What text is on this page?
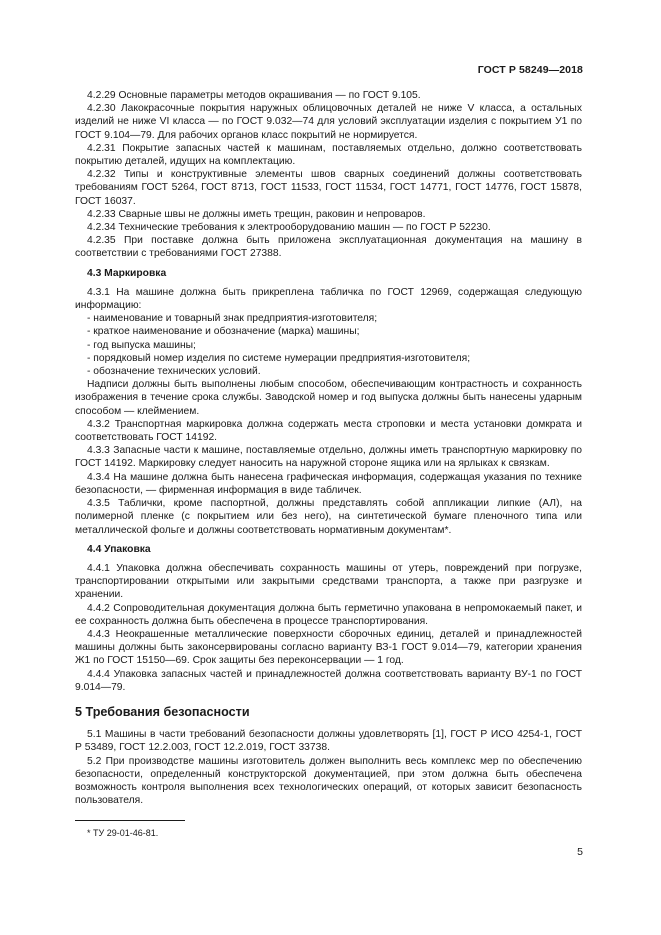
ГОСТ Р 58249—2018

4.2.29 Основные параметры методов окрашивания — по ГОСТ 9.105.

4.2.30 Лакокрасочные покрытия наружных облицовочных деталей не ниже V класса, а остальных изделий не ниже VI класса — по ГОСТ 9.032—74 для условий эксплуатации изделия с покрытием У1 по ГОСТ 9.104—79. Для рабочих органов класс покрытий не нормируется.

4.2.31 Покрытие запасных частей к машинам, поставляемых отдельно, должно соответствовать покрытию деталей, идущих на комплектацию.

4.2.32 Типы и конструктивные элементы швов сварных соединений должны соответствовать требованиям ГОСТ 5264, ГОСТ 8713, ГОСТ 11533, ГОСТ 11534, ГОСТ 14771, ГОСТ 14776, ГОСТ 15878, ГОСТ 16037.

4.2.33 Сварные швы не должны иметь трещин, раковин и непроваров.

4.2.34 Технические требования к электрооборудованию машин — по ГОСТ Р 52230.

4.2.35 При поставке должна быть приложена эксплуатационная документация на машину в соответствии с требованиями ГОСТ 27388.

4.3 Маркировка

4.3.1 На машине должна быть прикреплена табличка по ГОСТ 12969, содержащая следующую информацию:

- наименование и товарный знак предприятия-изготовителя;
- краткое наименование и обозначение (марка) машины;
- год выпуска машины;
- порядковый номер изделия по системе нумерации предприятия-изготовителя;
- обозначение технических условий.

Надписи должны быть выполнены любым способом, обеспечивающим контрастность и сохранность изображения в течение срока службы. Заводской номер и год выпуска должны быть нанесены ударным способом — клеймением.

4.3.2 Транспортная маркировка должна содержать места строповки и места установки домкрата и соответствовать ГОСТ 14192.

4.3.3 Запасные части к машине, поставляемые отдельно, должны иметь транспортную маркировку по ГОСТ 14192. Маркировку следует наносить на наружной стороне ящика или на ярлыках к связкам.

4.3.4 На машине должна быть нанесена графическая информация, содержащая указания по технике безопасности, — фирменная информация в виде табличек.

4.3.5 Таблички, кроме паспортной, должны представлять собой аппликации липкие (АЛ), на полимерной пленке (с покрытием или без него), на синтетической бумаге пленочного типа или металлической фольге и должны соответствовать нормативным документам*.

4.4 Упаковка

4.4.1 Упаковка должна обеспечивать сохранность машины от утерь, повреждений при погрузке, транспортировании открытыми или закрытыми средствами транспорта, а также при разгрузке и хранении.

4.4.2 Сопроводительная документация должна быть герметично упакована в непромокаемый пакет, и ее сохранность должна быть обеспечена в процессе транспортирования.

4.4.3 Неокрашенные металлические поверхности сборочных единиц, деталей и принадлежностей машины должны быть законсервированы согласно варианту ВЗ-1 ГОСТ 9.014—79, категории хранения Ж1 по ГОСТ 15150—69. Срок защиты без переконсервации — 1 год.

4.4.4 Упаковка запасных частей и принадлежностей должна соответствовать варианту ВУ-1 по ГОСТ 9.014—79.

5 Требования безопасности

5.1 Машины в части требований безопасности должны удовлетворять [1], ГОСТ Р ИСО 4254-1, ГОСТ Р 53489, ГОСТ 12.2.003, ГОСТ 12.2.019, ГОСТ 33738.

5.2 При производстве машины изготовитель должен выполнить весь комплекс мер по обеспечению безопасности, определенный конструкторской документацией, при этом должна быть обеспечена возможность контроля выполнения всех технологических операций, от которых зависит безопасность пользователя.

* ТУ 29-01-46-81.
5
